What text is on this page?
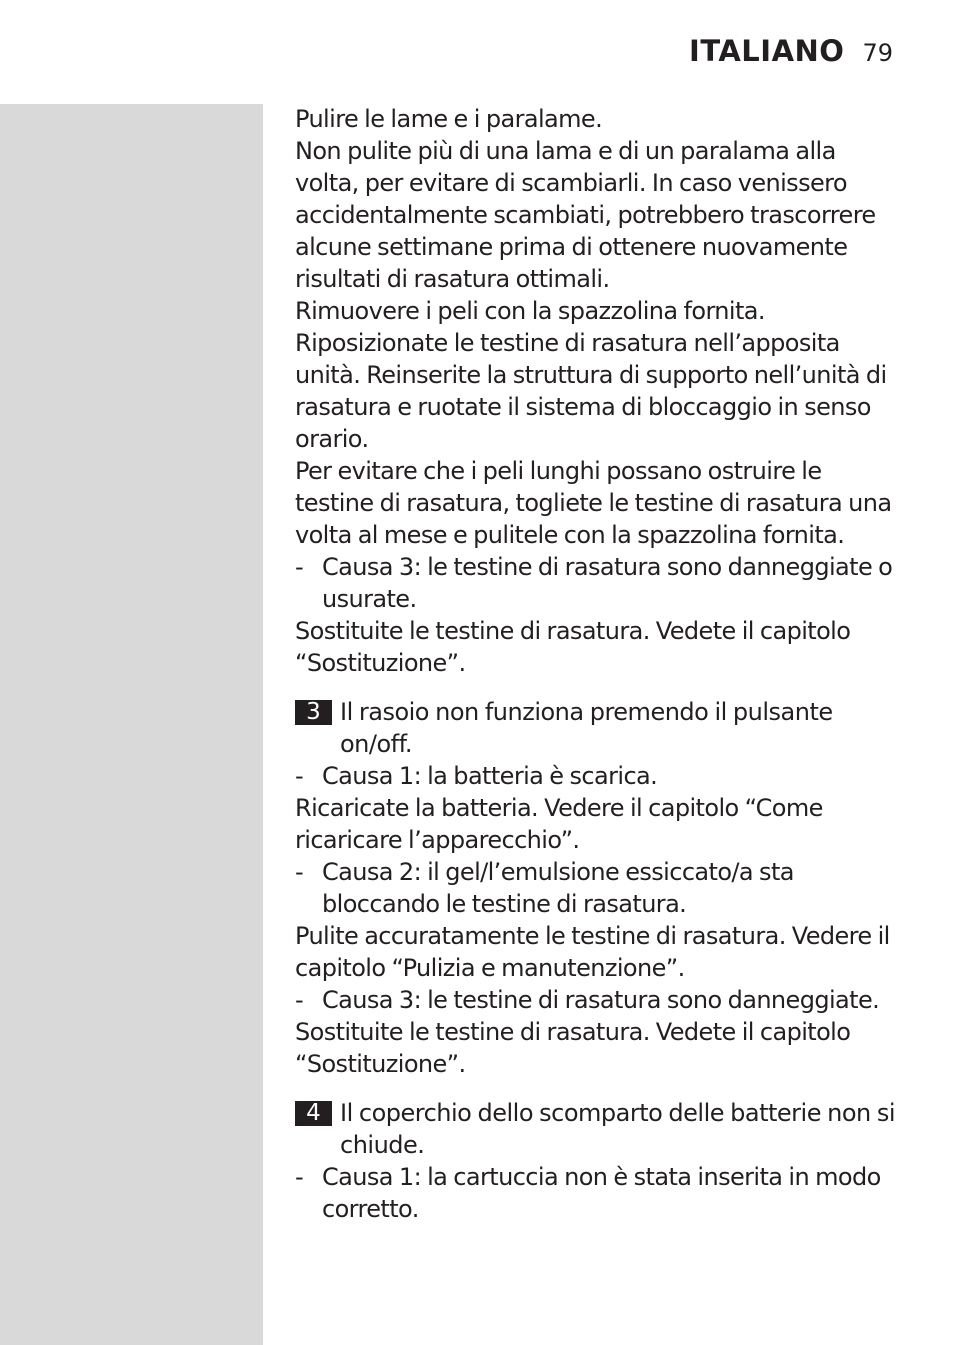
ITALIANO 79

Pulire le lame e i paralame.

Non pulite più di una lama e di un paralama alla volta, per evitare di scambiarli. In caso venissero accidentalmente scambiati, potrebbero trascorrere alcune settimane prima di ottenere nuovamente risultati di rasatura ottimali.

Rimuovere i peli con la spazzolina fornita.

Riposizionate le testine di rasatura nell’apposita unità. Reinserite la struttura di supporto nell’unità di rasatura e ruotate il sistema di bloccaggio in senso orario.

Per evitare che i peli lunghi possano ostruire le testine di rasatura, togliete le testine di rasatura una volta al mese e pulitele con la spazzolina fornita.

- Causa 3: le testine di rasatura sono danneggiate o usurate.

Sostituite le testine di rasatura. Vedete il capitolo “Sostituzione”.

3 Il rasoio non funziona premendo il pulsante on/off.
- Causa 1: la batteria è scarica.

Ricaricate la batteria. Vedere il capitolo “Come ricaricare l’apparecchio”.

- Causa 2: il gel/l’emulsione essiccato/a sta bloccando le testine di rasatura.

Pulite accuratamente le testine di rasatura. Vedere il capitolo “Pulizia e manutenzione”.

- Causa 3: le testine di rasatura sono danneggiate.

Sostituite le testine di rasatura. Vedete il capitolo “Sostituzione”.

4 Il coperchio dello scomparto delle batterie non si chiude.
- Causa 1: la cartuccia non è stata inserita in modo corretto.
